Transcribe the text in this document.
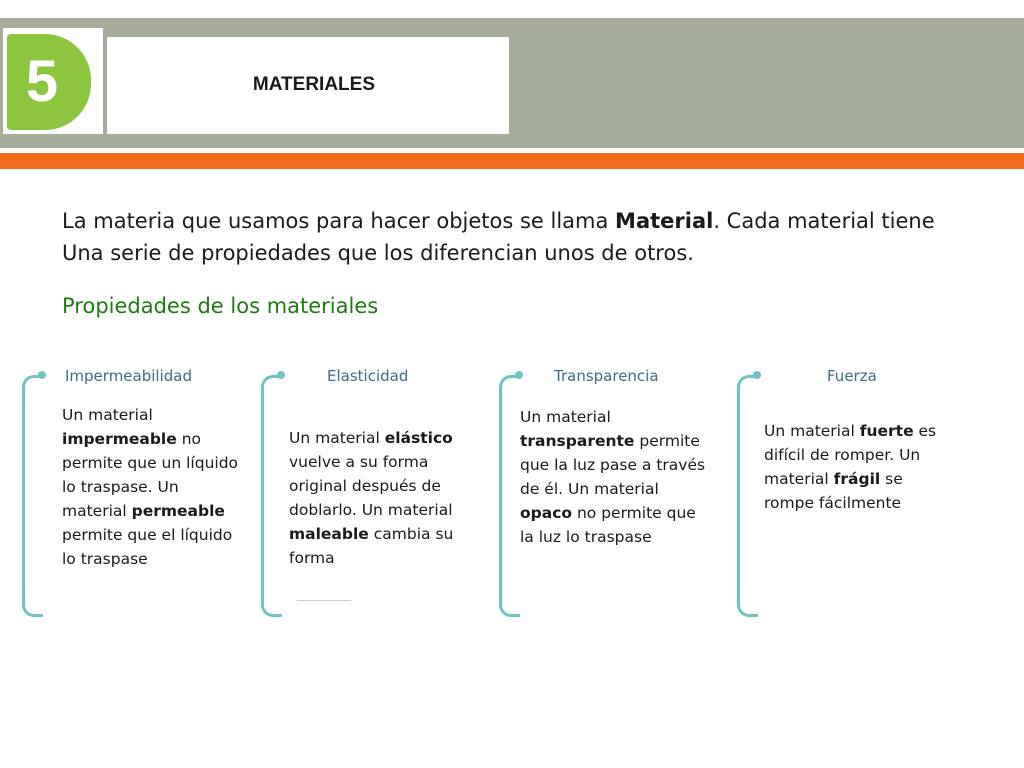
5	MATERIALES

La materia que usamos para hacer objetos se llama Material. Cada material tiene
Una serie de propiedades que los diferencian unos de otros.

Propiedades de los materiales
Impermeabilidad

Un material impermeable no permite que un líquido lo traspase. Un material permeable permite que el líquido lo traspase

Elasticidad

Un material elástico vuelve a su forma original después de doblarlo. Un material maleable cambia su forma

Transparencia

Un material transparente permite que la luz pase a través de él. Un material opaco no permite que la luz lo traspase

Fuerza

Un material fuerte es difícil de romper. Un material frágil se rompe fácilmente
